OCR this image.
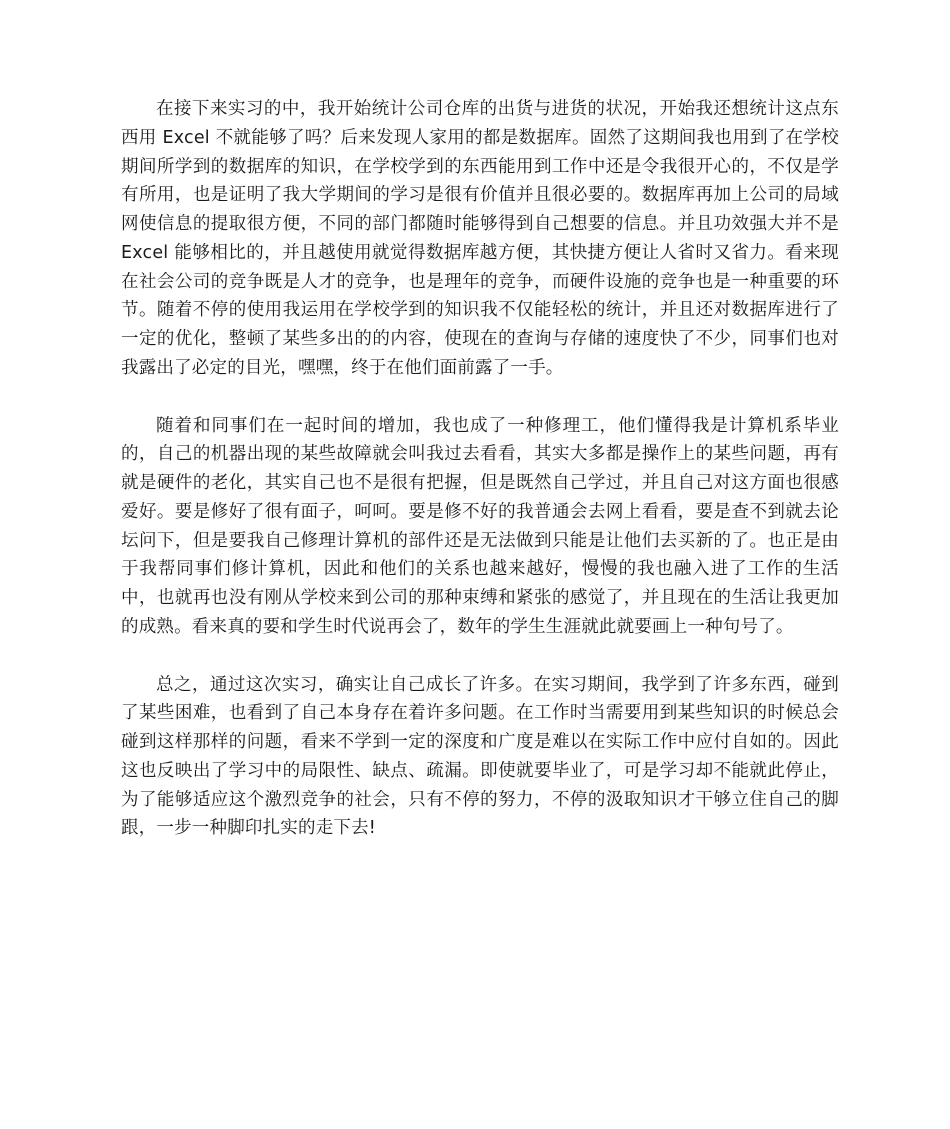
在接下来实习的中，我开始统计公司仓库的出货与进货的状况，开始我还想统计这点东西用 Excel 不就能够了吗？后来发现人家用的都是数据库。固然了这期间我也用到了在学校期间所学到的数据库的知识，在学校学到的东西能用到工作中还是令我很开心的，不仅是学有所用，也是证明了我大学期间的学习是很有价值并且很必要的。数据库再加上公司的局域网使信息的提取很方便，不同的部门都随时能够得到自己想要的信息。并且功效强大并不是 Excel 能够相比的，并且越使用就觉得数据库越方便，其快捷方便让人省时又省力。看来现在社会公司的竞争既是人才的竞争，也是理年的竞争，而硬件设施的竞争也是一种重要的环节。随着不停的使用我运用在学校学到的知识我不仅能轻松的统计，并且还对数据库进行了一定的优化，整顿了某些多出的的内容，使现在的查询与存储的速度快了不少，同事们也对我露出了必定的目光，嘿嘿，终于在他们面前露了一手。

随着和同事们在一起时间的增加，我也成了一种修理工，他们懂得我是计算机系毕业的，自己的机器出现的某些故障就会叫我过去看看，其实大多都是操作上的某些问题，再有就是硬件的老化，其实自己也不是很有把握，但是既然自己学过，并且自己对这方面也很感爱好。要是修好了很有面子，呵呵。要是修不好的我普通会去网上看看，要是查不到就去论坛问下，但是要我自己修理计算机的部件还是无法做到只能是让他们去买新的了。也正是由于我帮同事们修计算机，因此和他们的关系也越来越好，慢慢的我也融入进了工作的生活中，也就再也没有刚从学校来到公司的那种束缚和紧张的感觉了，并且现在的生活让我更加的成熟。看来真的要和学生时代说再会了，数年的学生生涯就此就要画上一种句号了。

总之，通过这次实习，确实让自己成长了许多。在实习期间，我学到了许多东西，碰到了某些困难，也看到了自己本身存在着许多问题。在工作时当需要用到某些知识的时候总会碰到这样那样的问题，看来不学到一定的深度和广度是难以在实际工作中应付自如的。因此这也反映出了学习中的局限性、缺点、疏漏。即使就要毕业了，可是学习却不能就此停止，为了能够适应这个激烈竞争的社会，只有不停的努力，不停的汲取知识才干够立住自己的脚跟，一步一种脚印扎实的走下去!
